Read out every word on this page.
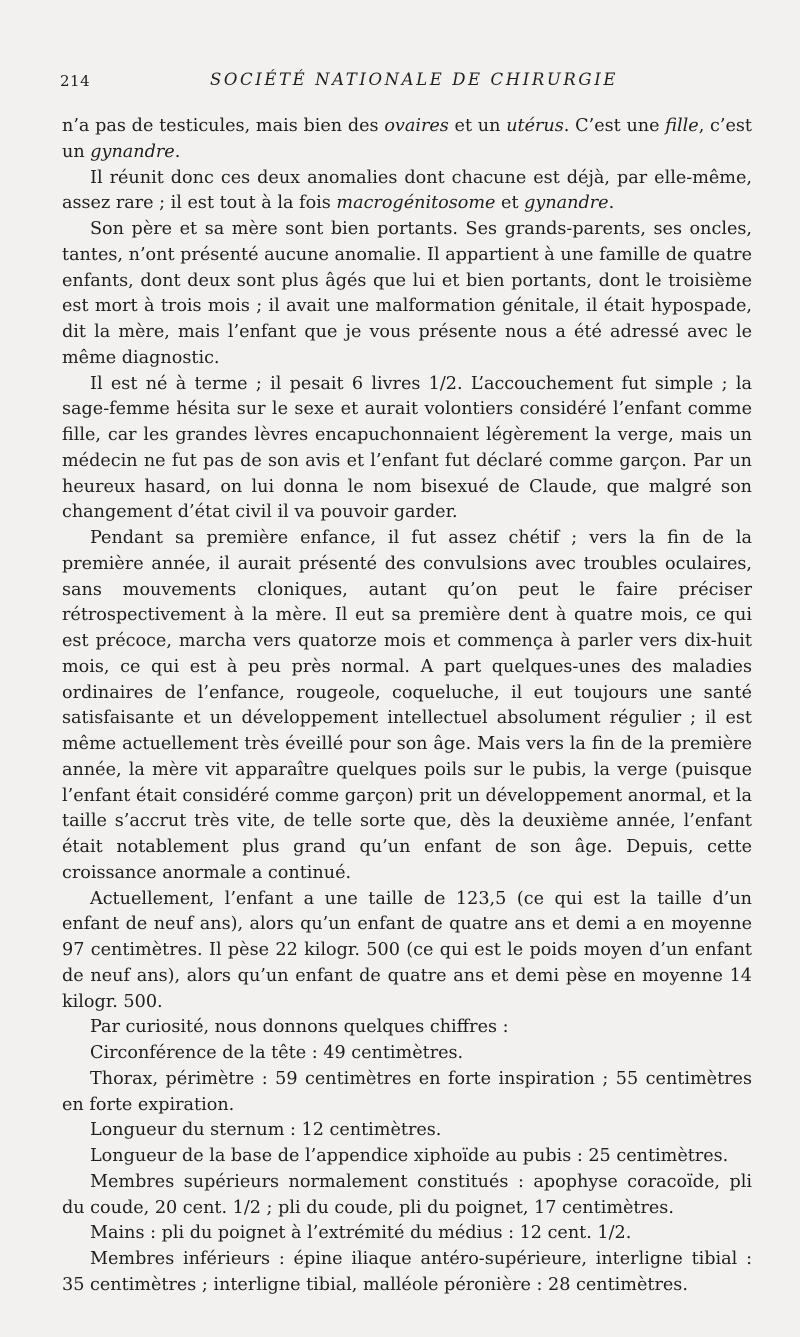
214	SOCIÉTÉ NATIONALE DE CHIRURGIE

n’a pas de testicules, mais bien des ovaires et un utérus. C’est une fille, c’est un gynandre.

Il réunit donc ces deux anomalies dont chacune est déjà, par elle-même, assez rare ; il est tout à la fois macrogénitosome et gynandre.

Son père et sa mère sont bien portants. Ses grands-parents, ses oncles, tantes, n’ont présenté aucune anomalie. Il appartient à une famille de quatre enfants, dont deux sont plus âgés que lui et bien portants, dont le troisième est mort à trois mois ; il avait une malformation génitale, il était hypospade, dit la mère, mais l’enfant que je vous présente nous a été adressé avec le même diagnostic.

Il est né à terme ; il pesait 6 livres 1/2. L’accouchement fut simple ; la sage-femme hésita sur le sexe et aurait volontiers considéré l’enfant comme fille, car les grandes lèvres encapuchonnaient légèrement la verge, mais un médecin ne fut pas de son avis et l’enfant fut déclaré comme garçon. Par un heureux hasard, on lui donna le nom bisexué de Claude, que malgré son changement d’état civil il va pouvoir garder.

Pendant sa première enfance, il fut assez chétif ; vers la fin de la première année, il aurait présenté des convulsions avec troubles oculaires, sans mouvements cloniques, autant qu’on peut le faire préciser rétrospectivement à la mère. Il eut sa première dent à quatre mois, ce qui est précoce, marcha vers quatorze mois et commença à parler vers dix-huit mois, ce qui est à peu près normal. A part quelques-unes des maladies ordinaires de l’enfance, rougeole, coqueluche, il eut toujours une santé satisfaisante et un développement intellectuel absolument régulier ; il est même actuellement très éveillé pour son âge. Mais vers la fin de la première année, la mère vit apparaître quelques poils sur le pubis, la verge (puisque l’enfant était considéré comme garçon) prit un développement anormal, et la taille s’accrut très vite, de telle sorte que, dès la deuxième année, l’enfant était notablement plus grand qu’un enfant de son âge. Depuis, cette croissance anormale a continué.

Actuellement, l’enfant a une taille de 123,5 (ce qui est la taille d’un enfant de neuf ans), alors qu’un enfant de quatre ans et demi a en moyenne 97 centimètres. Il pèse 22 kilogr. 500 (ce qui est le poids moyen d’un enfant de neuf ans), alors qu’un enfant de quatre ans et demi pèse en moyenne 14 kilogr. 500.

Par curiosité, nous donnons quelques chiffres :

Circonférence de la tête : 49 centimètres.

Thorax, périmètre : 59 centimètres en forte inspiration ; 55 centimètres en forte expiration.

Longueur du sternum : 12 centimètres.

Longueur de la base de l’appendice xiphoïde au pubis : 25 centimètres.

Membres supérieurs normalement constitués : apophyse coracoïde, pli du coude, 20 cent. 1/2 ; pli du coude, pli du poignet, 17 centimètres.

Mains : pli du poignet à l’extrémité du médius : 12 cent. 1/2.

Membres inférieurs : épine iliaque antéro-supérieure, interligne tibial : 35 centimètres ; interligne tibial, malléole péronière : 28 centimètres.
